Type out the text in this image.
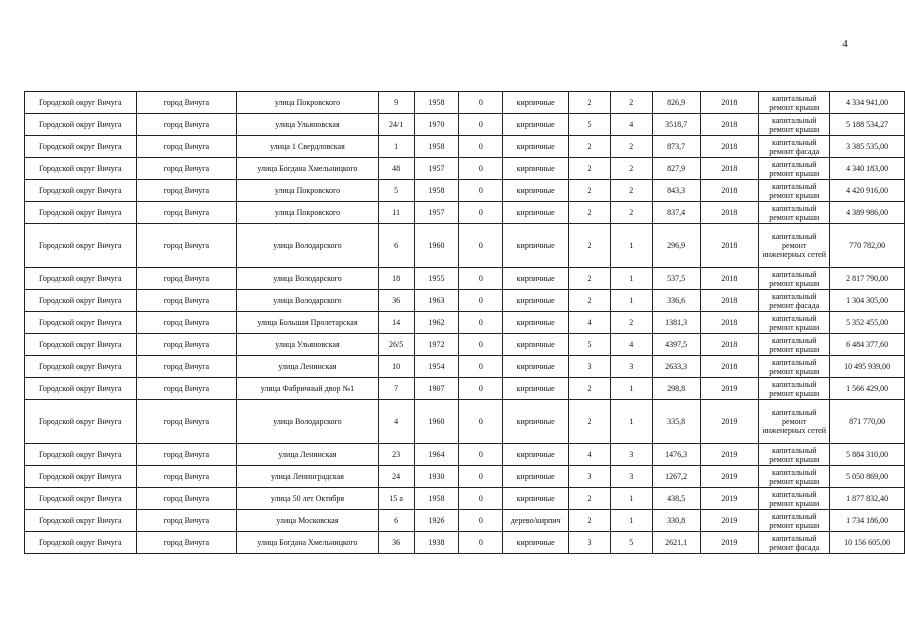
4
Городской округ Вичуга	город Вичуга	улица Покровского	9	1958	0	кирпичные	2	2	826,9	2018	капитальный ремонт крыши	4 334 941,00
Городской округ Вичуга	город Вичуга	улица Ульяновская	24/1	1970	0	кирпичные	5	4	3518,7	2018	капитальный ремонт крыши	5 188 534,27
Городской округ Вичуга	город Вичуга	улица 1 Свердловская	1	1958	0	кирпичные	2	2	873,7	2018	капитальный ремонт фасада	3 385 535,00
Городской округ Вичуга	город Вичуга	улица Богдана Хмельницкого	48	1957	0	кирпичные	2	2	827,9	2018	капитальный ремонт крыши	4 340 183,00
Городской округ Вичуга	город Вичуга	улица Покровского	5	1958	0	кирпичные	2	2	843,3	2018	капитальный ремонт крыши	4 420 916,00
Городской округ Вичуга	город Вичуга	улица Покровского	11	1957	0	кирпичные	2	2	837,4	2018	капитальный ремонт крыши	4 389 986,00
Городской округ Вичуга	город Вичуга	улица Володарского	6	1960	0	кирпичные	2	1	296,9	2018	капитальный ремонт инженерных сетей	770 782,00
Городской округ Вичуга	город Вичуга	улица Володарского	18	1955	0	кирпичные	2	1	537,5	2018	капитальный ремонт крыши	2 817 790,00
Городской округ Вичуга	город Вичуга	улица Володарского	36	1963	0	кирпичные	2	1	336,6	2018	капитальный ремонт фасада	1 304 305,00
Городской округ Вичуга	город Вичуга	улица Большая Пролетарская	14	1962	0	кирпичные	4	2	1381,3	2018	капитальный ремонт крыши	5 352 455,00
Городской округ Вичуга	город Вичуга	улица Ульяновская	26/5	1972	0	кирпичные	5	4	4397,5	2018	капитальный ремонт крыши	6 484 377,60
Городской округ Вичуга	город Вичуга	улица Ленинская	10	1954	0	кирпичные	3	3	2633,3	2018	капитальный ремонт крыши	10 495 939,00
Городской округ Вичуга	город Вичуга	улица Фабричный двор №1	7	1907	0	кирпичные	2	1	298,8	2019	капитальный ремонт крыши	1 566 429,00
Городской округ Вичуга	город Вичуга	улица Володарского	4	1960	0	кирпичные	2	1	335,8	2019	капитальный ремонт инженерных сетей	871 770,00
Городской округ Вичуга	город Вичуга	улица Ленинская	23	1964	0	кирпичные	4	3	1476,3	2019	капитальный ремонт крыши	5 884 310,00
Городской округ Вичуга	город Вичуга	улица Ленинградская	24	1930	0	кирпичные	3	3	1267,2	2019	капитальный ремонт крыши	5 050 869,00
Городской округ Вичуга	город Вичуга	улица 50 лет Октября	15 а	1958	0	кирпичные	2	1	438,5	2019	капитальный ремонт крыши	1 877 832,40
Городской округ Вичуга	город Вичуга	улица Московская	6	1926	0	дерево/кирпич	2	1	330,8	2019	капитальный ремонт крыши	1 734 186,00
Городской округ Вичуга	город Вичуга	улица Богдана Хмельницкого	36	1938	0	кирпичные	3	5	2621,1	2019	капитальный ремонт фасада	10 156 605,00
